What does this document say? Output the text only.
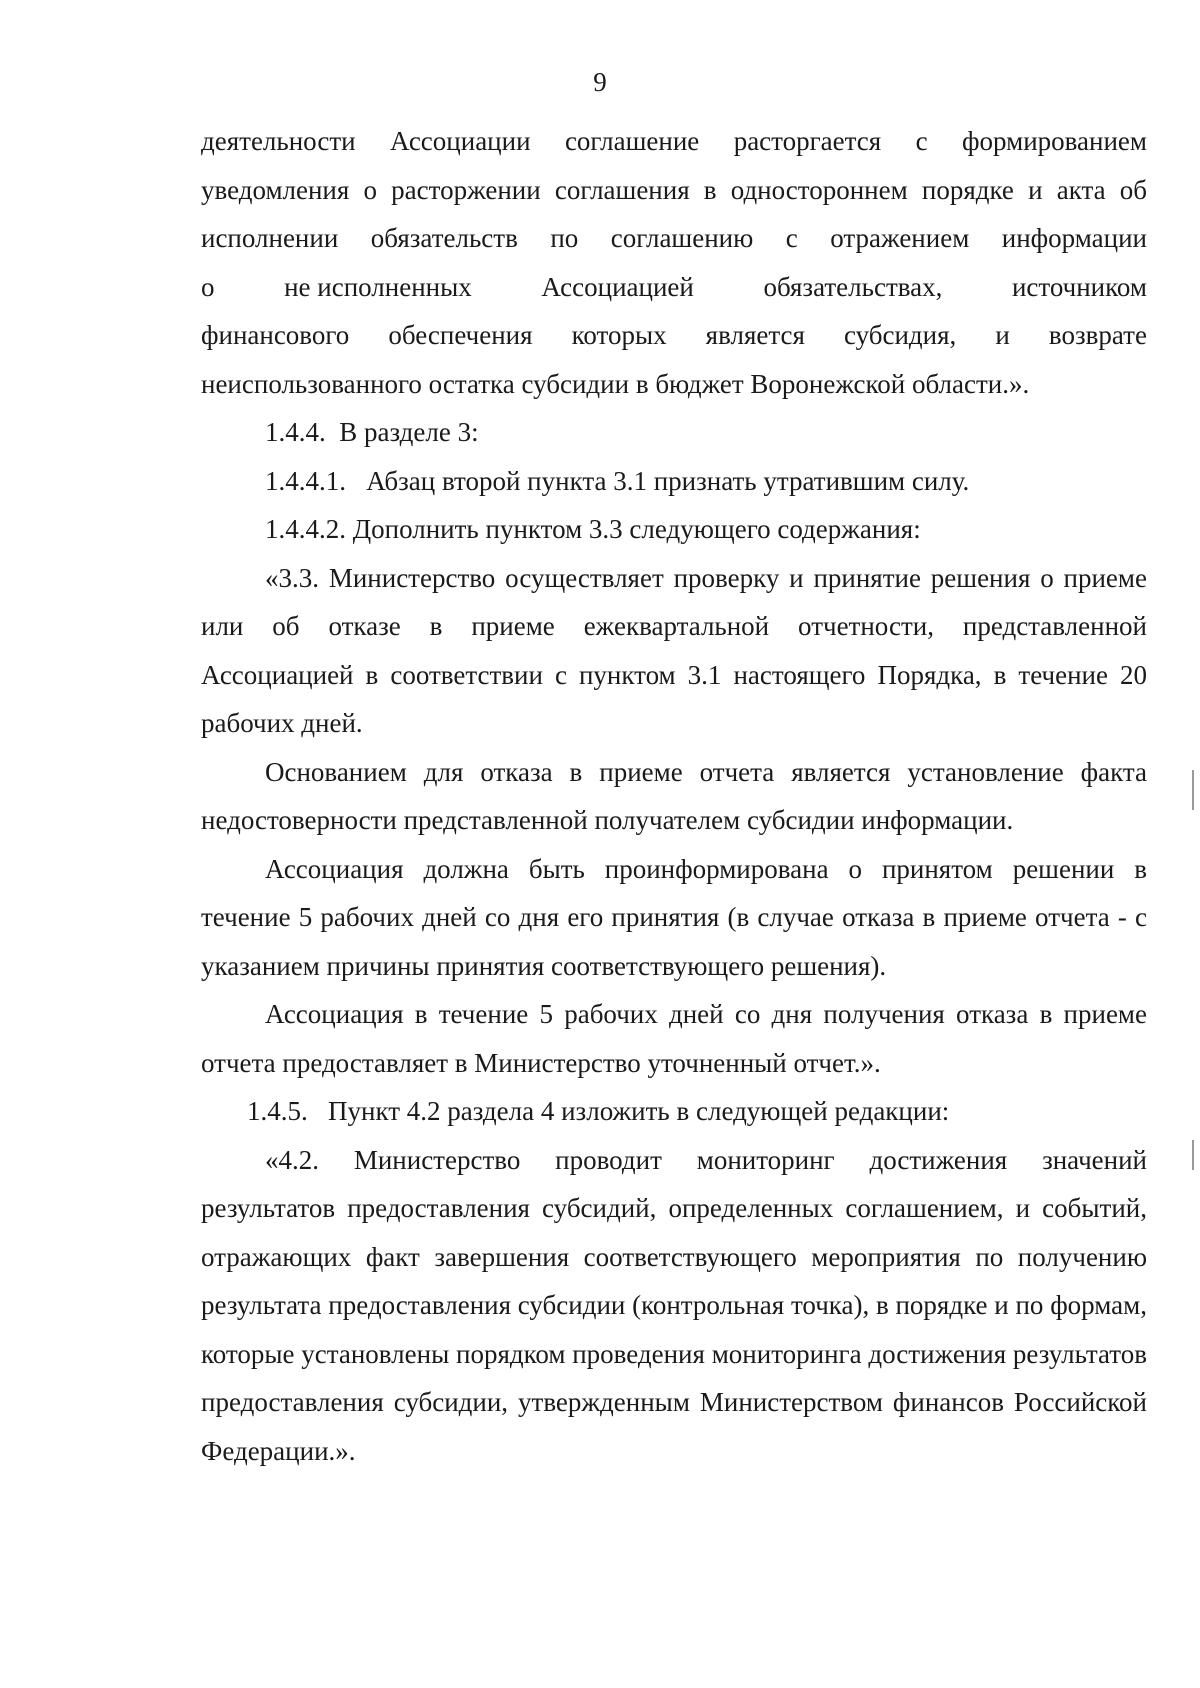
9
деятельности Ассоциации соглашение расторгается с формированием

уведомления о расторжении соглашения в одностороннем порядке и акта об

исполнении обязательств по соглашению с отражением информации
о	не исполненных	Ассоциацией	обязательствах,	источником
финансового обеспечения которых является субсидия, и возврате

неиспользованного остатка субсидии в бюджет Воронежской области.».

1.4.4.  В разделе 3:

1.4.4.1.   Абзац второй пункта 3.1 признать утратившим силу.

1.4.4.2. Дополнить пунктом 3.3 следующего содержания:

«3.3. Министерство осуществляет проверку и принятие решения о приеме или об отказе в приеме ежеквартальной отчетности, представленной Ассоциацией в соответствии с пунктом 3.1 настоящего Порядка, в течение 20 рабочих дней.

Основанием для отказа в приеме отчета является установление факта недостоверности представленной получателем субсидии информации.

Ассоциация должна быть проинформирована о принятом решении в течение 5 рабочих дней со дня его принятия (в случае отказа в приеме отчета - с указанием причины принятия соответствующего решения).

Ассоциация в течение 5 рабочих дней со дня получения отказа в приеме отчета предоставляет в Министерство уточненный отчет.».

1.4.5.   Пункт 4.2 раздела 4 изложить в следующей редакции:

«4.2. Министерство проводит мониторинг достижения значений результатов предоставления субсидий, определенных соглашением, и событий, отражающих факт завершения соответствующего мероприятия по получению результата предоставления субсидии (контрольная точка), в порядке и по формам, которые установлены порядком проведения мониторинга достижения результатов предоставления субсидии, утвержденным Министерством финансов Российской Федерации.».
